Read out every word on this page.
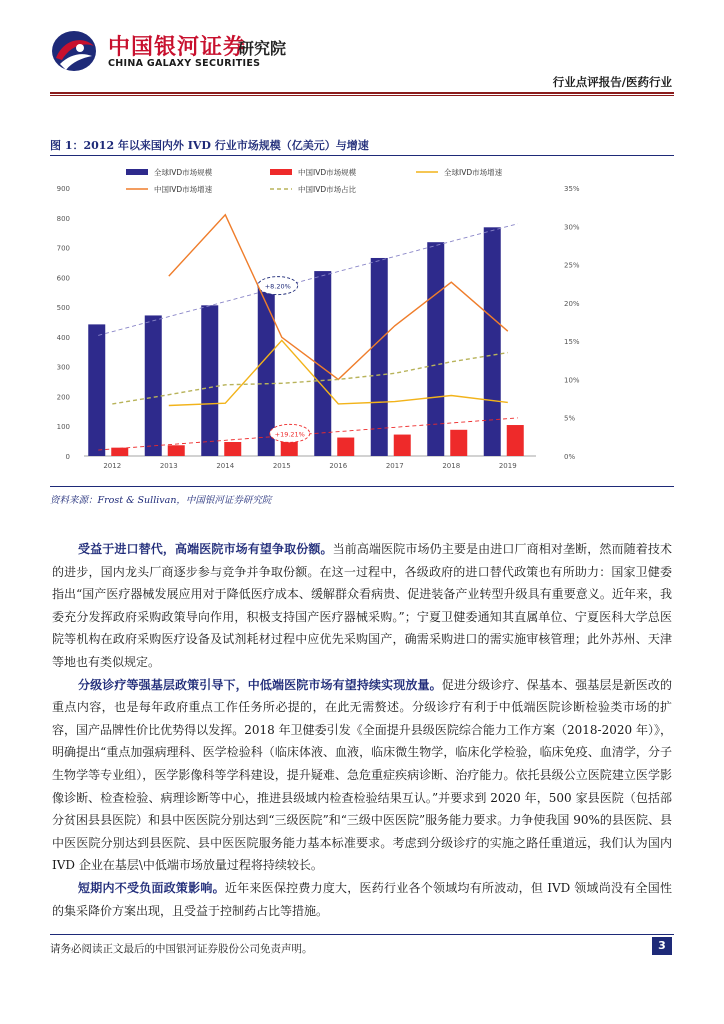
中国银河证券
研究院
CHINA GALAXY SECURITIES
行业点评报告/医药行业
图 1：2012 年以来国内外 IVD 行业市场规模（亿美元）与增速
0
100
200
300
400
500
600
700
800
900
0%
5%
10%
15%
20%
25%
30%
35%
+8.20%
+19.21%
2012	2013	2014	2015	2016	2017	2018	2019
全球IVD市场规模	中国IVD市场规模	全球IVD市场增速
中国IVD市场增速	中国IVD市场占比
资料来源：Frost & Sullivan，中国银河证券研究院

受益于进口替代，高端医院市场有望争取份额。当前高端医院市场仍主要是由进口厂商相对垄断，然而随着技术的进步，国内龙头厂商逐步参与竞争并争取份额。在这一过程中，各级政府的进口替代政策也有所助力：国家卫健委指出“国产医疗器械发展应用对于降低医疗成本、缓解群众看病贵、促进装备产业转型升级具有重要意义。近年来，我委充分发挥政府采购政策导向作用，积极支持国产医疗器械采购。”；宁夏卫健委通知其直属单位、宁夏医科大学总医院等机构在政府采购医疗设备及试剂耗材过程中应优先采购国产，确需采购进口的需实施审核管理；此外苏州、天津等地也有类似规定。

分级诊疗等强基层政策引导下，中低端医院市场有望持续实现放量。促进分级诊疗、保基本、强基层是新医改的重点内容，也是每年政府重点工作任务所必提的，在此无需赘述。分级诊疗有利于中低端医院诊断检验类市场的扩容，国产品牌性价比优势得以发挥。2018 年卫健委引发《全面提升县级医院综合能力工作方案（2018-2020 年）》，明确提出“重点加强病理科、医学检验科（临床体液、血液，临床微生物学，临床化学检验，临床免疫、血清学，分子生物学等专业组），医学影像科等学科建设，提升疑难、急危重症疾病诊断、治疗能力。依托县级公立医院建立医学影像诊断、检查检验、病理诊断等中心，推进县级域内检查检验结果互认。”并要求到 2020 年，500 家县医院（包括部分贫困县县医院）和县中医医院分别达到“三级医院”和“三级中医医院”服务能力要求。力争使我国 90%的县医院、县中医医院分别达到县医院、县中医医院服务能力基本标准要求。考虑到分级诊疗的实施之路任重道远，我们认为国内 IVD 企业在基层\中低端市场放量过程将持续较长。

短期内不受负面政策影响。近年来医保控费力度大，医药行业各个领域均有所波动，但 IVD 领域尚没有全国性的集采降价方案出现，且受益于控制药占比等措施。

请务必阅读正文最后的中国银河证券股份公司免责声明。	3
